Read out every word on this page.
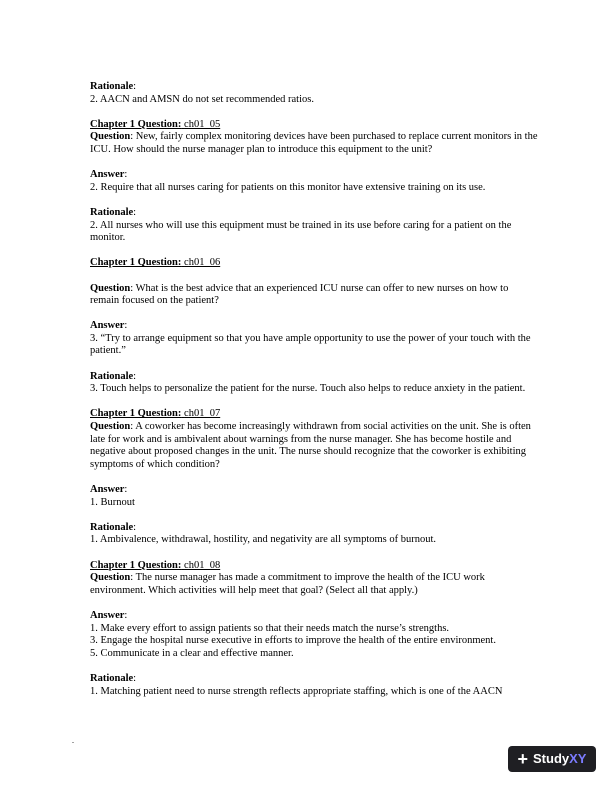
Rationale:

2. AACN and AMSN do not set recommended ratios.

Chapter 1 Question: ch01_05

Question: New, fairly complex monitoring devices have been purchased to replace current monitors in the ICU. How should the nurse manager plan to introduce this equipment to the unit?

Answer:

2. Require that all nurses caring for patients on this monitor have extensive training on its use.

Rationale:

2. All nurses who will use this equipment must be trained in its use before caring for a patient on the monitor.

Chapter 1 Question: ch01_06

Question: What is the best advice that an experienced ICU nurse can offer to new nurses on how to remain focused on the patient?

Answer:

3. “Try to arrange equipment so that you have ample opportunity to use the power of your touch with the patient.”

Rationale:

3. Touch helps to personalize the patient for the nurse. Touch also helps to reduce anxiety in the patient.

Chapter 1 Question: ch01_07

Question: A coworker has become increasingly withdrawn from social activities on the unit. She is often late for work and is ambivalent about warnings from the nurse manager. She has become hostile and negative about proposed changes in the unit. The nurse should recognize that the coworker is exhibiting symptoms of which condition?

Answer:

1. Burnout

Rationale:

1. Ambivalence, withdrawal, hostility, and negativity are all symptoms of burnout.

Chapter 1 Question: ch01_08

Question: The nurse manager has made a commitment to improve the health of the ICU work environment. Which activities will help meet that goal? (Select all that apply.)

Answer:

1. Make every effort to assign patients so that their needs match the nurse’s strengths.

3. Engage the hospital nurse executive in efforts to improve the health of the entire environment.

5. Communicate in a clear and effective manner.

Rationale:

1. Matching patient need to nurse strength reflects appropriate staffing, which is one of the AACN

.
+ Study XY
